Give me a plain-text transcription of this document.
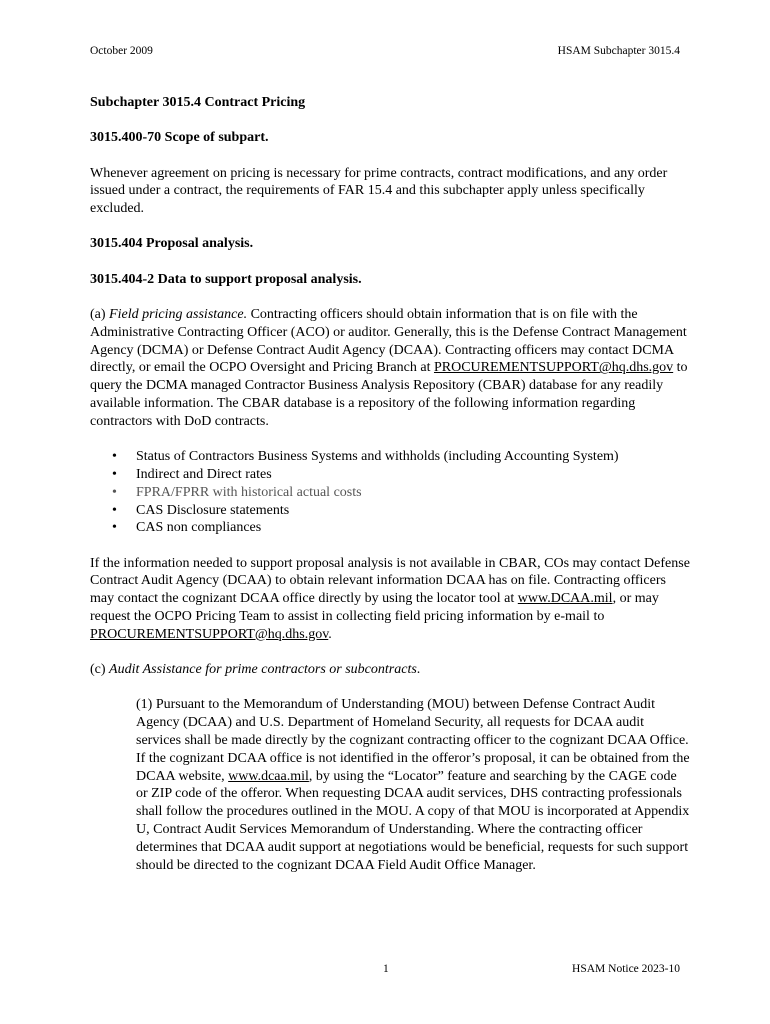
October 2009	HSAM Subchapter 3015.4
Subchapter 3015.4 Contract Pricing
3015.400-70 Scope of subpart.

Whenever agreement on pricing is necessary for prime contracts, contract modifications, and any order issued under a contract, the requirements of FAR 15.4 and this subchapter apply unless specifically excluded.

3015.404 Proposal analysis.
3015.404-2 Data to support proposal analysis.

(a) Field pricing assistance. Contracting officers should obtain information that is on file with the Administrative Contracting Officer (ACO) or auditor. Generally, this is the Defense Contract Management Agency (DCMA) or Defense Contract Audit Agency (DCAA). Contracting officers may contact DCMA directly, or email the OCPO Oversight and Pricing Branch at PROCUREMENTSUPPORT@hq.dhs.gov to query the DCMA managed Contractor Business Analysis Repository (CBAR) database for any readily available information. The CBAR database is a repository of the following information regarding contractors with DoD contracts.

• Status of Contractors Business Systems and withholds (including Accounting System)
• Indirect and Direct rates
• FPRA/FPRR with historical actual costs
• CAS Disclosure statements
• CAS non compliances

If the information needed to support proposal analysis is not available in CBAR, COs may contact Defense Contract Audit Agency (DCAA) to obtain relevant information DCAA has on file. Contracting officers may contact the cognizant DCAA office directly by using the locator tool at www.DCAA.mil, or may request the OCPO Pricing Team to assist in collecting field pricing information by e-mail to PROCUREMENTSUPPORT@hq.dhs.gov.

(c) Audit Assistance for prime contractors or subcontracts.

(1) Pursuant to the Memorandum of Understanding (MOU) between Defense Contract Audit Agency (DCAA) and U.S. Department of Homeland Security, all requests for DCAA audit services shall be made directly by the cognizant contracting officer to the cognizant DCAA Office. If the cognizant DCAA office is not identified in the offeror’s proposal, it can be obtained from the DCAA website, www.dcaa.mil, by using the “Locator” feature and searching by the CAGE code or ZIP code of the offeror. When requesting DCAA audit services, DHS contracting professionals shall follow the procedures outlined in the MOU. A copy of that MOU is incorporated at Appendix U, Contract Audit Services Memorandum of Understanding. Where the contracting officer determines that DCAA audit support at negotiations would be beneficial, requests for such support should be directed to the cognizant DCAA Field Audit Office Manager.

1	HSAM Notice 2023-10
